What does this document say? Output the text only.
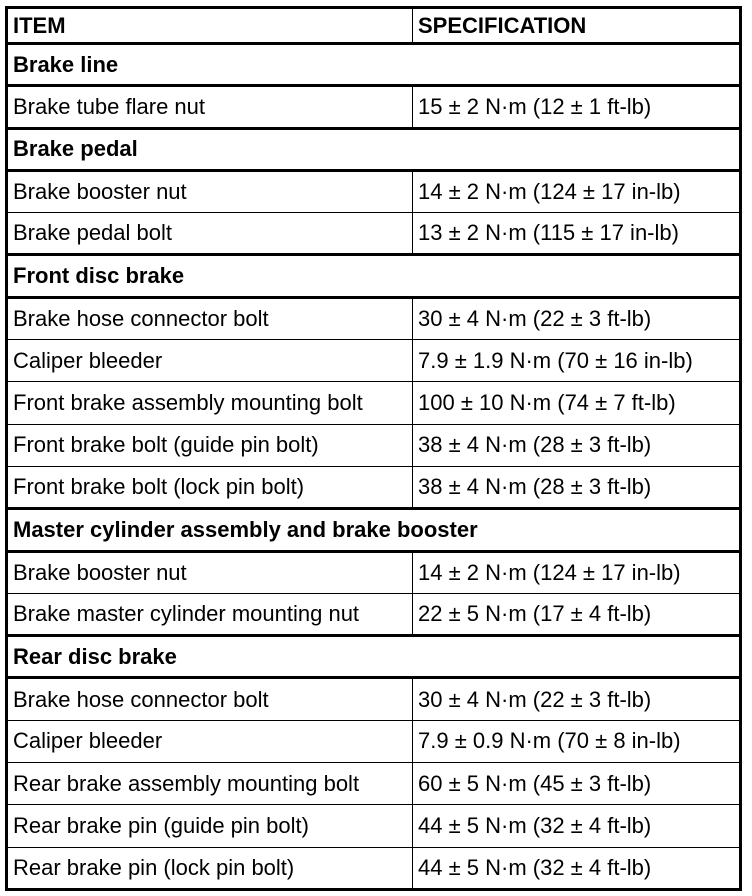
ITEM	SPECIFICATION
Brake line	
Brake tube flare nut	15 ± 2 N·m (12 ± 1 ft-lb)
Brake pedal	
Brake booster nut	14 ± 2 N·m (124 ± 17 in-lb)
Brake pedal bolt	13 ± 2 N·m (115 ± 17 in-lb)
Front disc brake	
Brake hose connector bolt	30 ± 4 N·m (22 ± 3 ft-lb)
Caliper bleeder	7.9 ± 1.9 N·m (70 ± 16 in-lb)
Front brake assembly mounting bolt	100 ± 10 N·m (74 ± 7 ft-lb)
Front brake bolt (guide pin bolt)	38 ± 4 N·m (28 ± 3 ft-lb)
Front brake bolt (lock pin bolt)	38 ± 4 N·m (28 ± 3 ft-lb)
Master cylinder assembly and brake booster	
Brake booster nut	14 ± 2 N·m (124 ± 17 in-lb)
Brake master cylinder mounting nut	22 ± 5 N·m (17 ± 4 ft-lb)
Rear disc brake	
Brake hose connector bolt	30 ± 4 N·m (22 ± 3 ft-lb)
Caliper bleeder	7.9 ± 0.9 N·m (70 ± 8 in-lb)
Rear brake assembly mounting bolt	60 ± 5 N·m (45 ± 3 ft-lb)
Rear brake pin (guide pin bolt)	44 ± 5 N·m (32 ± 4 ft-lb)
Rear brake pin (lock pin bolt)	44 ± 5 N·m (32 ± 4 ft-lb)
